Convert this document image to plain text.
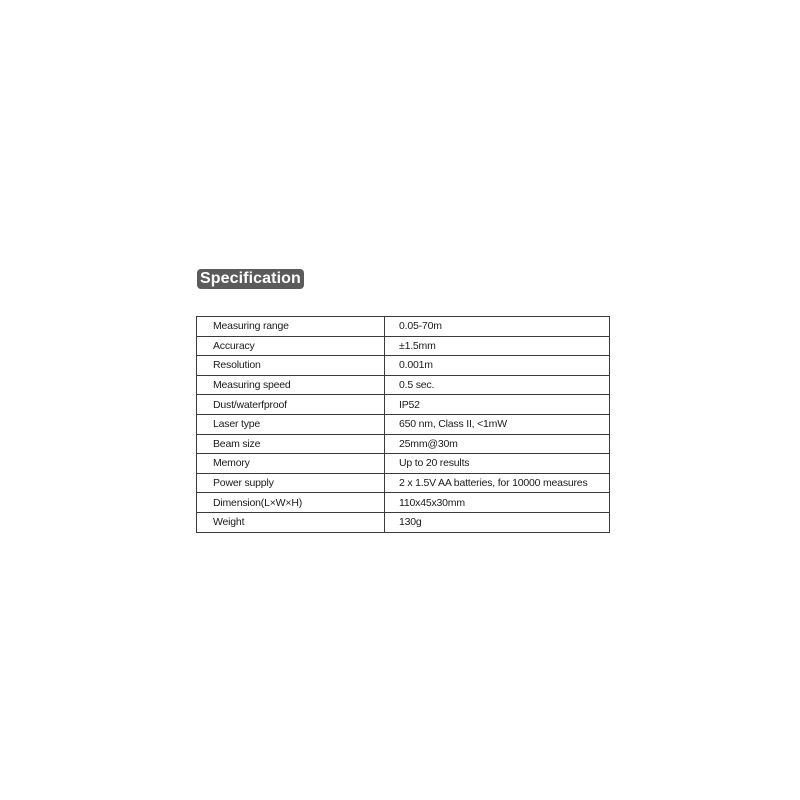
Specification
Measuring range	0.05-70m
Accuracy	±1.5mm
Resolution	0.001m
Measuring speed	0.5 sec.
Dust/waterfproof	IP52
Laser type	650 nm, Class II, <1mW
Beam size	25mm@30m
Memory	Up to 20 results
Power supply	2 x 1.5V AA batteries, for 10000 measures
Dimension(L×W×H)	110x45x30mm
Weight	130g
